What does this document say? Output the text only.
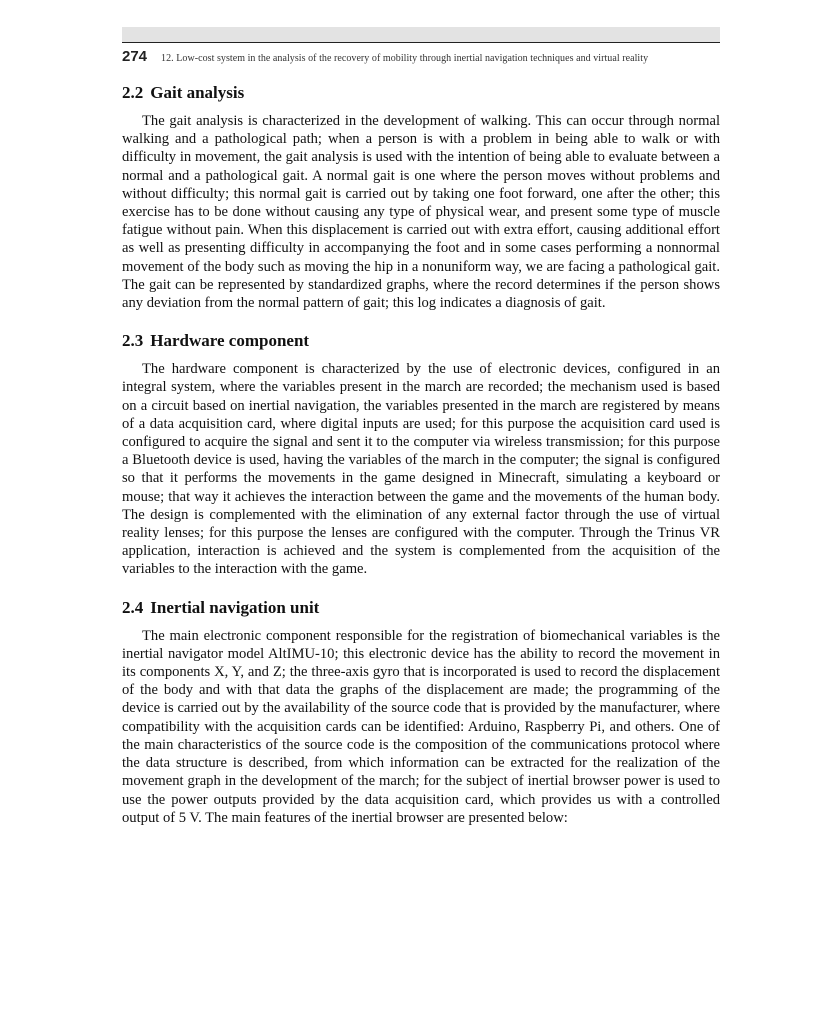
274 12. Low-cost system in the analysis of the recovery of mobility through inertial navigation techniques and virtual reality
2.2 Gait analysis

The gait analysis is characterized in the development of walking. This can occur through normal walking and a pathological path; when a person is with a problem in being able to walk or with difficulty in movement, the gait analysis is used with the intention of being able to evaluate between a normal and a pathological gait. A normal gait is one where the person moves without problems and without difficulty; this normal gait is carried out by taking one foot forward, one after the other; this exercise has to be done without causing any type of physical wear, and present some type of muscle fatigue without pain. When this displacement is carried out with extra effort, causing additional effort as well as presenting difficulty in accompanying the foot and in some cases performing a nonnormal movement of the body such as moving the hip in a nonuniform way, we are facing a pathological gait. The gait can be represented by standardized graphs, where the record determines if the person shows any deviation from the normal pattern of gait; this log indicates a diagnosis of gait.

2.3 Hardware component

The hardware component is characterized by the use of electronic devices, configured in an integral system, where the variables present in the march are recorded; the mechanism used is based on a circuit based on inertial navigation, the variables presented in the march are registered by means of a data acquisition card, where digital inputs are used; for this purpose the acquisition card used is configured to acquire the signal and sent it to the computer via wireless transmission; for this purpose a Bluetooth device is used, having the variables of the march in the computer; the signal is configured so that it performs the movements in the game designed in Minecraft, simulating a keyboard or mouse; that way it achieves the interaction between the game and the movements of the human body. The design is complemented with the elimination of any external factor through the use of virtual reality lenses; for this purpose the lenses are configured with the computer. Through the Trinus VR application, interaction is achieved and the system is complemented from the acquisition of the variables to the interaction with the game.

2.4 Inertial navigation unit

The main electronic component responsible for the registration of biomechanical variables is the inertial navigator model AltIMU-10; this electronic device has the ability to record the movement in its components X, Y, and Z; the three-axis gyro that is incorporated is used to record the displacement of the body and with that data the graphs of the displacement are made; the programming of the device is carried out by the availability of the source code that is provided by the manufacturer, where compatibility with the acquisition cards can be identified: Arduino, Raspberry Pi, and others. One of the main characteristics of the source code is the composition of the communications protocol where the data structure is described, from which information can be extracted for the realization of the movement graph in the development of the march; for the subject of inertial browser power is used to use the power outputs provided by the data acquisition card, which provides us with a controlled output of 5 V. The main features of the inertial browser are presented below:
